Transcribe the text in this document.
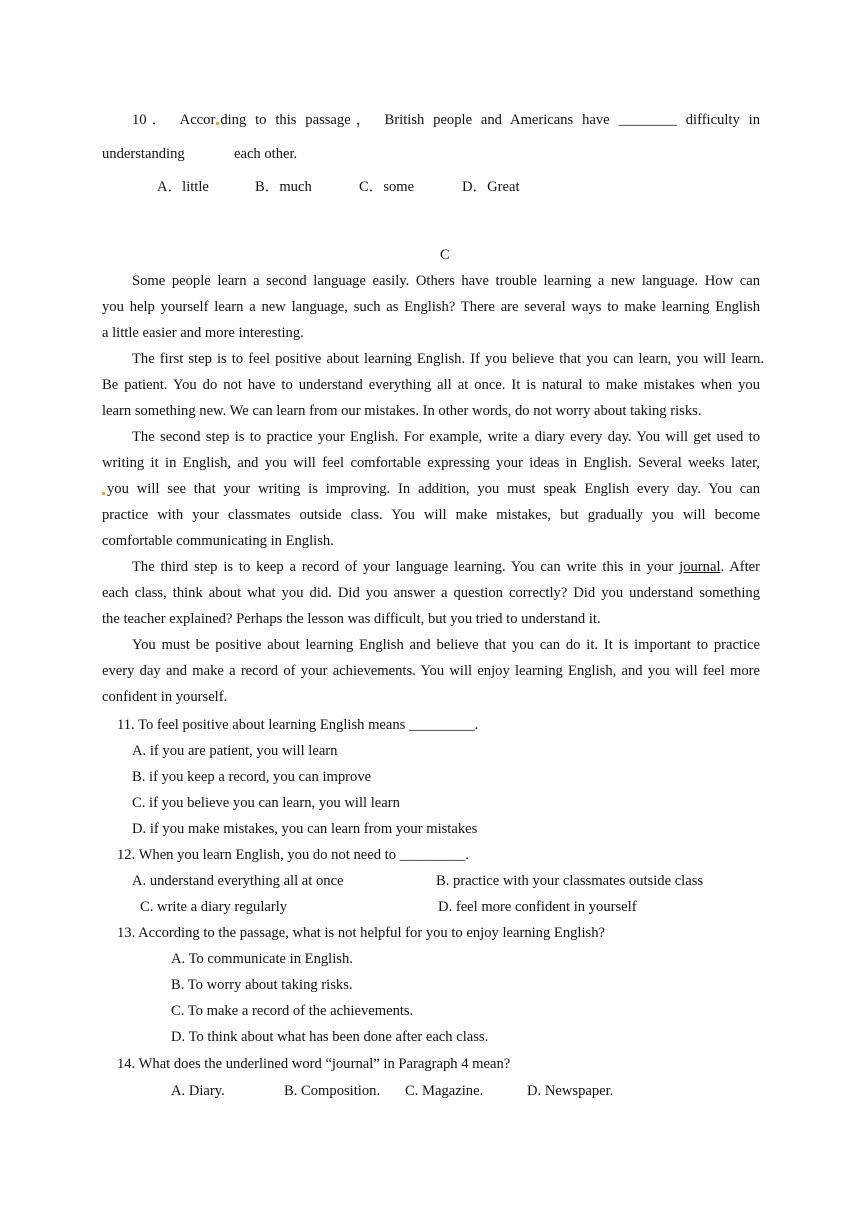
10． Accor ding to this passage， British people and Americans have ________ difficulty in
understanding	each other.
A．little	B．much	C．some	D．Great
C
Some people learn a second language easily. Others have trouble learning a new language. How can
you help yourself learn a new language, such as English? There are several ways to make learning English
a little easier and more interesting.
The first step is to feel positive about learning English. If you believe that you can learn, you will learn.
Be patient. You do not have to understand everything all at once. It is natural to make mistakes when you
learn something new. We can learn from our mistakes. In other words, do not worry about taking risks.
The second step is to practice your English. For example, write a diary every day. You will get used to
writing it in English, and you will feel comfortable expressing your ideas in English. Several weeks later,
you will see that your writing is improving. In addition, you must speak English every day. You can
practice with your classmates outside class. You will make mistakes, but gradually you will become
comfortable communicating in English.
The third step is to keep a record of your language learning. You can write this in your journal. After
each class, think about what you did. Did you answer a question correctly? Did you understand something
the teacher explained? Perhaps the lesson was difficult, but you tried to understand it.
You must be positive about learning English and believe that you can do it. It is important to practice
every day and make a record of your achievements. You will enjoy learning English, and you will feel more
confident in yourself.
11. To feel positive about learning English means _________.
A. if you are patient, you will learn
B. if you keep a record, you can improve
C. if you believe you can learn, you will learn
D. if you make mistakes, you can learn from your mistakes
12. When you learn English, you do not need to _________.
A. understand everything all at once	B. practice with your classmates outside class
C. write a diary regularly	D. feel more confident in yourself
13. According to the passage, what is not helpful for you to enjoy learning English?
A. To communicate in English.
B. To worry about taking risks.
C. To make a record of the achievements.
D. To think about what has been done after each class.
14. What does the underlined word “journal” in Paragraph 4 mean?
A. Diary.	B. Composition. C. Magazine.	D. Newspaper.
